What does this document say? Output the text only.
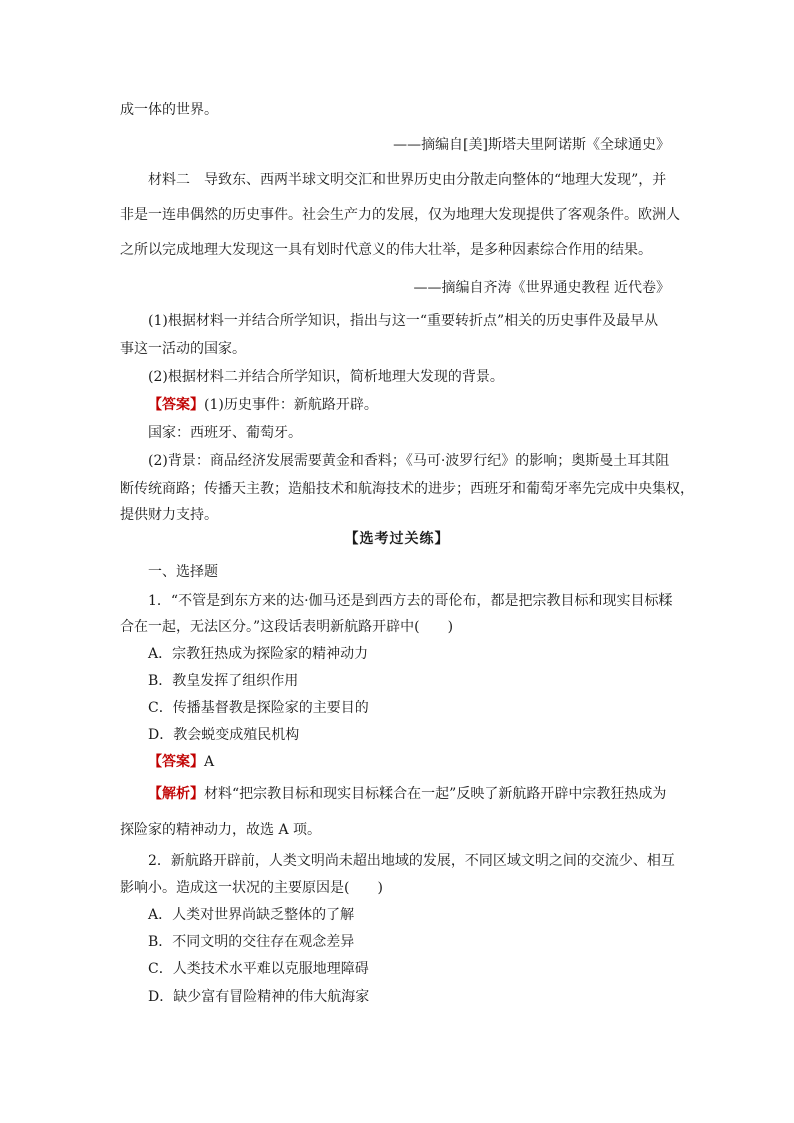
成一体的世界。
——摘编自[美]斯塔夫里阿诺斯《全球通史》
材料二　导致东、西两半球文明交汇和世界历史由分散走向整体的“地理大发现”，并
非是一连串偶然的历史事件。社会生产力的发展，仅为地理大发现提供了客观条件。欧洲人
之所以完成地理大发现这一具有划时代意义的伟大壮举，是多种因素综合作用的结果。
——摘编自齐涛《世界通史教程 近代卷》
(1)根据材料一并结合所学知识，指出与这一“重要转折点”相关的历史事件及最早从
事这一活动的国家。
(2)根据材料二并结合所学知识，简析地理大发现的背景。
【答案】(1)历史事件：新航路开辟。
国家：西班牙、葡萄牙。
(2)背景：商品经济发展需要黄金和香料；《马可·波罗行纪》的影响；奥斯曼土耳其阻
断传统商路；传播天主教；造船技术和航海技术的进步；西班牙和葡萄牙率先完成中央集权，
提供财力支持。
【选考过关练】
一、选择题
1．“不管是到东方来的达·伽马还是到西方去的哥伦布，都是把宗教目标和现实目标糅
合在一起，无法区分。”这段话表明新航路开辟中(　　)
A．宗教狂热成为探险家的精神动力
B．教皇发挥了组织作用
C．传播基督教是探险家的主要目的
D．教会蜕变成殖民机构
【答案】A
【解析】材料“把宗教目标和现实目标糅合在一起”反映了新航路开辟中宗教狂热成为
探险家的精神动力，故选 A 项。
2．新航路开辟前，人类文明尚未超出地域的发展，不同区域文明之间的交流少、相互
影响小。造成这一状况的主要原因是(　　)
A．人类对世界尚缺乏整体的了解
B．不同文明的交往存在观念差异
C．人类技术水平难以克服地理障碍
D．缺少富有冒险精神的伟大航海家
